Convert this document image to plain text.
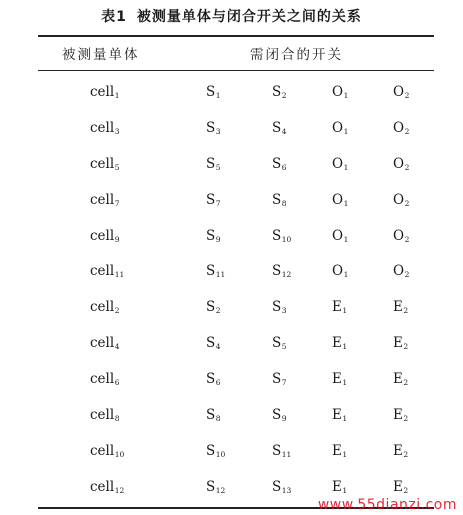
表1 被测量单体与闭合开关之间的关系
被测量单体	需闭合的开关
cell$_1$	$S_1$	$S_2$	$O_1$	$O_2$
cell$_3$	$S_3$	$S_4$	$O_1$	$O_2$
cell$_5$	$S_5$	$S_6$	$O_1$	$O_2$
cell$_7$	$S_7$	$S_8$	$O_1$	$O_2$
cell$_9$	$S_9$	$S_{10}$	$O_1$	$O_2$
cell$_{11}$	$S_{11}$	$S_{12}$	$O_1$	$O_2$
cell$_2$	$S_2$	$S_3$	$E_1$	$E_2$
cell$_4$	$S_4$	$S_5$	$E_1$	$E_2$
cell$_6$	$S_6$	$S_7$	$E_1$	$E_2$
cell$_8$	$S_8$	$S_9$	$E_1$	$E_2$
cell$_{10}$	$S_{10}$	$S_{11}$	$E_1$	$E_2$
cell$_{12}$	$S_{12}$	$S_{13}$	$E_1$	$E_2$
www.55dianzi.com
